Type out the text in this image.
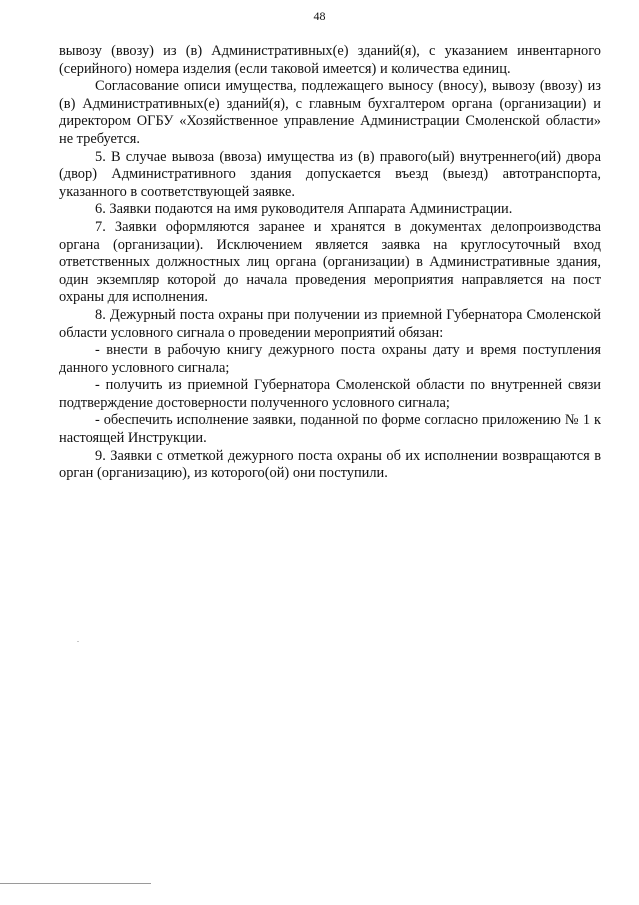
48

вывозу (ввозу) из (в) Административных(е) зданий(я), с указанием инвентарного (серийного) номера изделия (если таковой имеется) и количества единиц.

Согласование описи имущества, подлежащего выносу (вносу), вывозу (ввозу) из (в) Административных(е) зданий(я), с главным бухгалтером органа (организации) и директором ОГБУ «Хозяйственное управление Администрации Смоленской области» не требуется.

5. В случае вывоза (ввоза) имущества из (в) правого(ый) внутреннего(ий) двора (двор) Административного здания допускается въезд (выезд) автотранспорта, указанного в соответствующей заявке.

6. Заявки подаются на имя руководителя Аппарата Администрации.

7. Заявки оформляются заранее и хранятся в документах делопроизводства органа (организации). Исключением является заявка на круглосуточный вход ответственных должностных лиц органа (организации) в Административные здания, один экземпляр которой до начала проведения мероприятия направляется на пост охраны для исполнения.

8. Дежурный поста охраны при получении из приемной Губернатора Смоленской области условного сигнала о проведении мероприятий обязан:

- внести в рабочую книгу дежурного поста охраны дату и время поступления данного условного сигнала;

- получить из приемной Губернатора Смоленской области по внутренней связи подтверждение достоверности полученного условного сигнала;

- обеспечить исполнение заявки, поданной по форме согласно приложению № 1 к настоящей Инструкции.

9. Заявки с отметкой дежурного поста охраны об их исполнении возвращаются в орган (организацию), из которого(ой) они поступили.
